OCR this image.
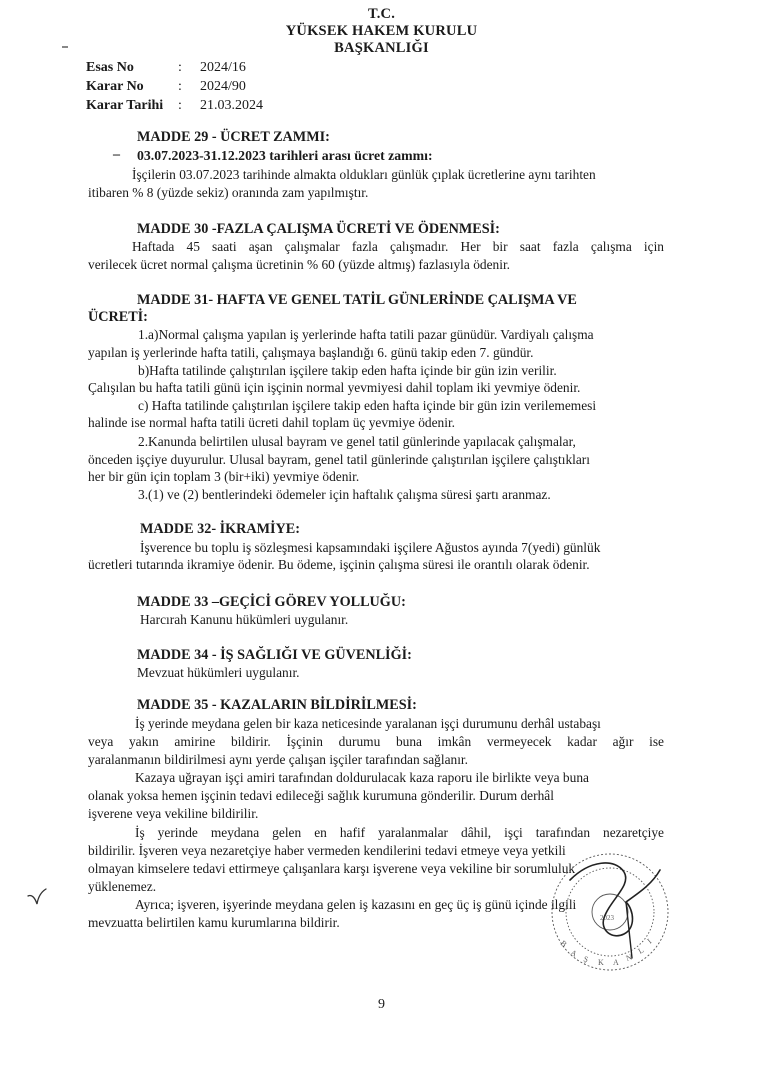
T.C.
YÜKSEK HAKEM KURULU
BAŞKANLIĞI
Esas No	:	2024/16
Karar No	:	2024/90
Karar Tarihi	:	21.03.2024
MADDE 29 - ÜCRET ZAMMI:
– 03.07.2023-31.12.2023 tarihleri arası ücret zammı:
İşçilerin 03.07.2023 tarihinde almakta oldukları günlük çıplak ücretlerine aynı tarihten
itibaren % 8 (yüzde sekiz) oranında zam yapılmıştır.
MADDE 30 -FAZLA ÇALIŞMA ÜCRETİ VE ÖDENMESİ:
Haftada 45 saati aşan çalışmalar fazla çalışmadır. Her bir saat fazla çalışma için
verilecek ücret normal çalışma ücretinin % 60 (yüzde altmış) fazlasıyla ödenir.
MADDE 31- HAFTA VE GENEL TATİL GÜNLERİNDE ÇALIŞMA VE
ÜCRETİ:
1.a)Normal çalışma yapılan iş yerlerinde hafta tatili pazar günüdür. Vardiyalı çalışma
yapılan iş yerlerinde hafta tatili, çalışmaya başlandığı 6. günü takip eden 7. gündür.
b)Hafta tatilinde çalıştırılan işçilere takip eden hafta içinde bir gün izin verilir.
Çalışılan bu hafta tatili günü için işçinin normal yevmiyesi dahil toplam iki yevmiye ödenir.
c) Hafta tatilinde çalıştırılan işçilere takip eden hafta içinde bir gün izin verilememesi
halinde ise normal hafta tatili ücreti dahil toplam üç yevmiye ödenir.
2.Kanunda belirtilen ulusal bayram ve genel tatil günlerinde yapılacak çalışmalar,
önceden işçiye duyurulur. Ulusal bayram, genel tatil günlerinde çalıştırılan işçilere çalıştıkları
her bir gün için toplam 3 (bir+iki) yevmiye ödenir.
3.(1) ve (2) bentlerindeki ödemeler için haftalık çalışma süresi şartı aranmaz.
MADDE 32- İKRAMİYE:
İşverence bu toplu iş sözleşmesi kapsamındaki işçilere Ağustos ayında 7(yedi) günlük
ücretleri tutarında ikramiye ödenir. Bu ödeme, işçinin çalışma süresi ile orantılı olarak ödenir.
MADDE 33 –GEÇİCİ GÖREV YOLLUĞU:
Harcırah Kanunu hükümleri uygulanır.
MADDE 34 - İŞ SAĞLIĞI VE GÜVENLİĞİ:
Mevzuat hükümleri uygulanır.
MADDE 35 - KAZALARIN BİLDİRİLMESİ:
İş yerinde meydana gelen bir kaza neticesinde yaralanan işçi durumunu derhâl ustabaşı
veya yakın amirine bildirir. İşçinin durumu buna imkân vermeyecek kadar ağır ise
yaralanmanın bildirilmesi aynı yerde çalışan işçiler tarafından sağlanır.
Kazaya uğrayan işçi amiri tarafından doldurulacak kaza raporu ile birlikte veya buna
olanak yoksa hemen işçinin tedavi edileceği sağlık kurumuna gönderilir. Durum derhâl
işverene veya vekiline bildirilir.
İş yerinde meydana gelen en hafif yaralanmalar dâhil, işçi tarafından nezaretçiye
bildirilir. İşveren veya nezaretçiye haber vermeden kendilerini tedavi etmeye veya yetkili
olmayan kimselere tedavi ettirmeye çalışanlara karşı işverene veya vekiline bir sorumluluk
yüklenemez.
Ayrıca; işveren, işyerinde meydana gelen iş kazasını en geç üç iş günü içinde ilgili
mevzuatta belirtilen kamu kurumlarına bildirir.
9
B
A
Ş K A N
L
I
2023
